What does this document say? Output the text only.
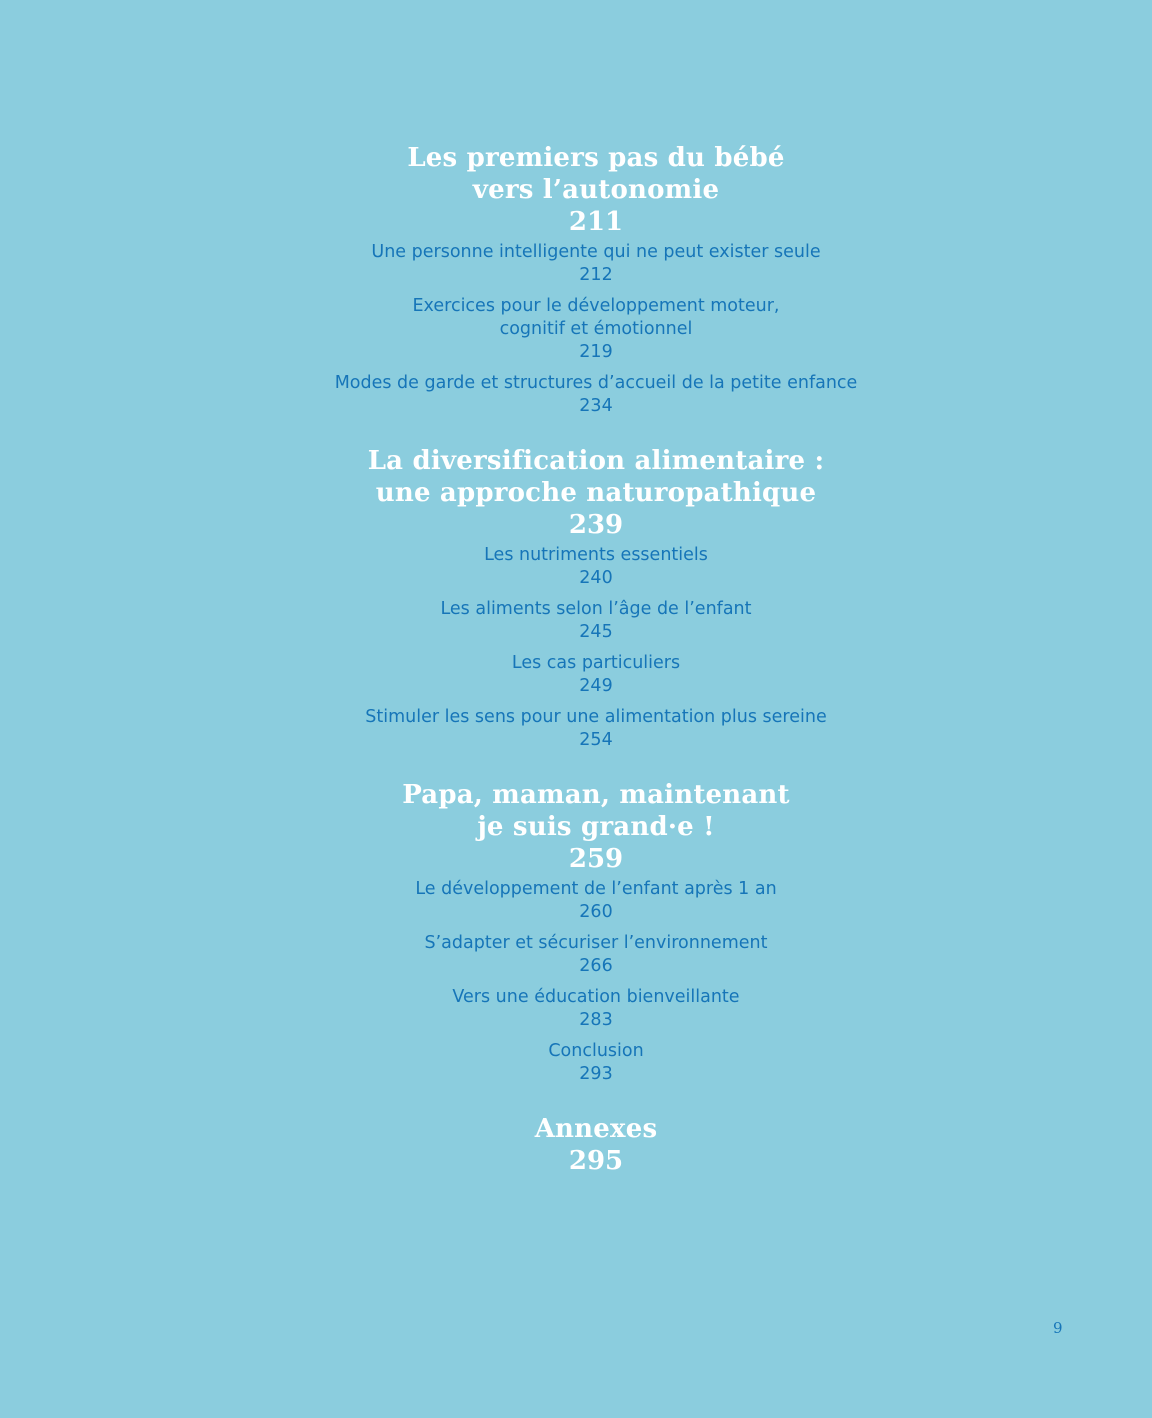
Les premiers pas du bébé
vers l’autonomie
211
Une personne intelligente qui ne peut exister seule
212
Exercices pour le développement moteur,
cognitif et émotionnel
219
Modes de garde et structures d’accueil de la petite enfance
234
La diversification alimentaire :
une approche naturopathique
239
Les nutriments essentiels
240
Les aliments selon l’âge de l’enfant
245
Les cas particuliers
249
Stimuler les sens pour une alimentation plus sereine
254
Papa, maman, maintenant
je suis grand·e !
259
Le développement de l’enfant après 1 an
260
S’adapter et sécuriser l’environnement
266
Vers une éducation bienveillante
283
Conclusion
293
Annexes
295
9
